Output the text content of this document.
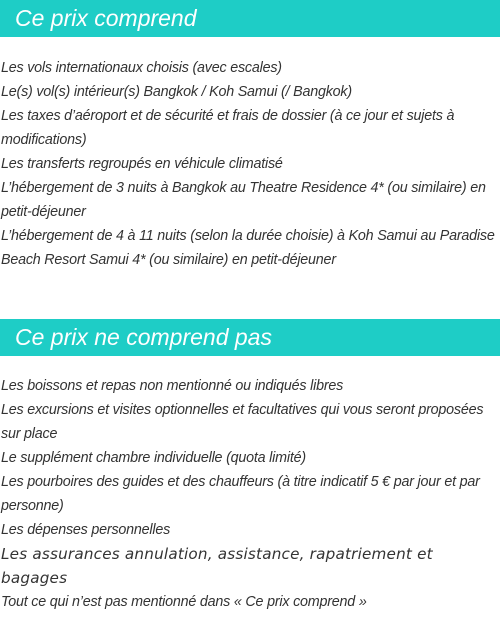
Ce prix comprend
Les vols internationaux choisis (avec escales)
Le(s) vol(s) intérieur(s) Bangkok / Koh Samui (/ Bangkok)
Les taxes d’aéroport et de sécurité et frais de dossier (à ce jour et sujets à modifications)
Les transferts regroupés en véhicule climatisé
L’hébergement de 3 nuits à Bangkok au Theatre Residence 4* (ou similaire) en petit-déjeuner
L’hébergement de 4 à 11 nuits (selon la durée choisie) à Koh Samui au Paradise Beach Resort Samui 4* (ou similaire) en petit-déjeuner
Ce prix ne comprend pas
Les boissons et repas non mentionné ou indiqués libres
Les excursions et visites optionnelles et facultatives qui vous seront proposées sur place
Le supplément chambre individuelle (quota limité)
Les pourboires des guides et des chauffeurs (à titre indicatif 5 € par jour et par personne)
Les dépenses personnelles
Les assurances annulation, assistance, rapatriement et bagages
Tout ce qui n’est pas mentionné dans « Ce prix comprend »
